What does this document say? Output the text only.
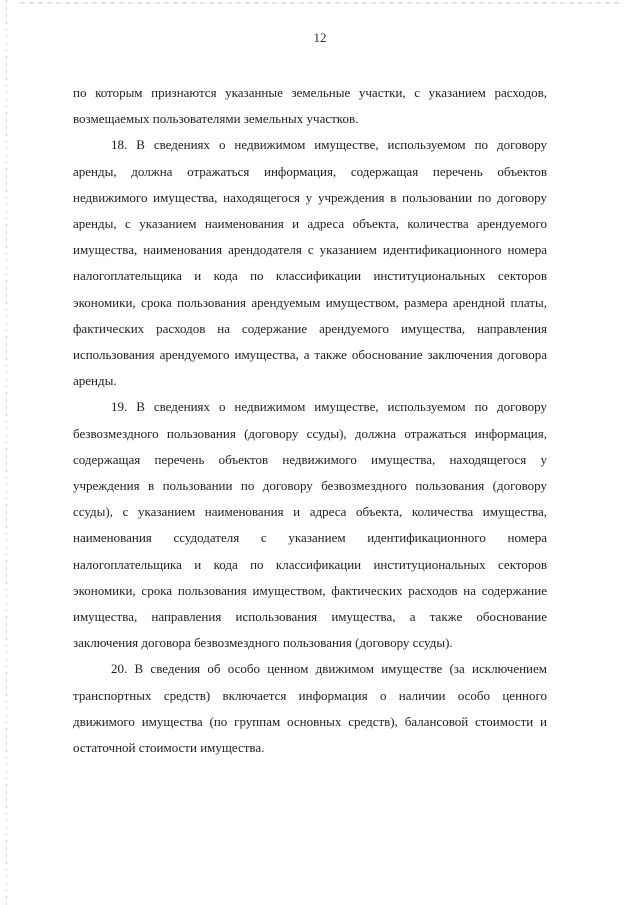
12

по которым признаются указанные земельные участки, с указанием расходов, возмещаемых пользователями земельных участков.

18. В сведениях о недвижимом имуществе, используемом по договору аренды, должна отражаться информация, содержащая перечень объектов недвижимого имущества, находящегося у учреждения в пользовании по договору аренды, с указанием наименования и адреса объекта, количества арендуемого имущества, наименования арендодателя с указанием идентификационного номера налогоплательщика и кода по классификации институциональных секторов экономики, срока пользования арендуемым имуществом, размера арендной платы, фактических расходов на содержание арендуемого имущества, направления использования арендуемого имущества, а также обоснование заключения договора аренды.

19. В сведениях о недвижимом имуществе, используемом по договору безвозмездного пользования (договору ссуды), должна отражаться информация, содержащая перечень объектов недвижимого имущества, находящегося у учреждения в пользовании по договору безвозмездного пользования (договору ссуды), с указанием наименования и адреса объекта, количества имущества, наименования ссудодателя с указанием идентификационного номера налогоплательщика и кода по классификации институциональных секторов экономики, срока пользования имуществом, фактических расходов на содержание имущества, направления использования имущества, а также обоснование заключения договора безвозмездного пользования (договору ссуды).

20. В сведения об особо ценном движимом имуществе (за исключением транспортных средств) включается информация о наличии особо ценного движимого имущества (по группам основных средств), балансовой стоимости и остаточной стоимости имущества.
